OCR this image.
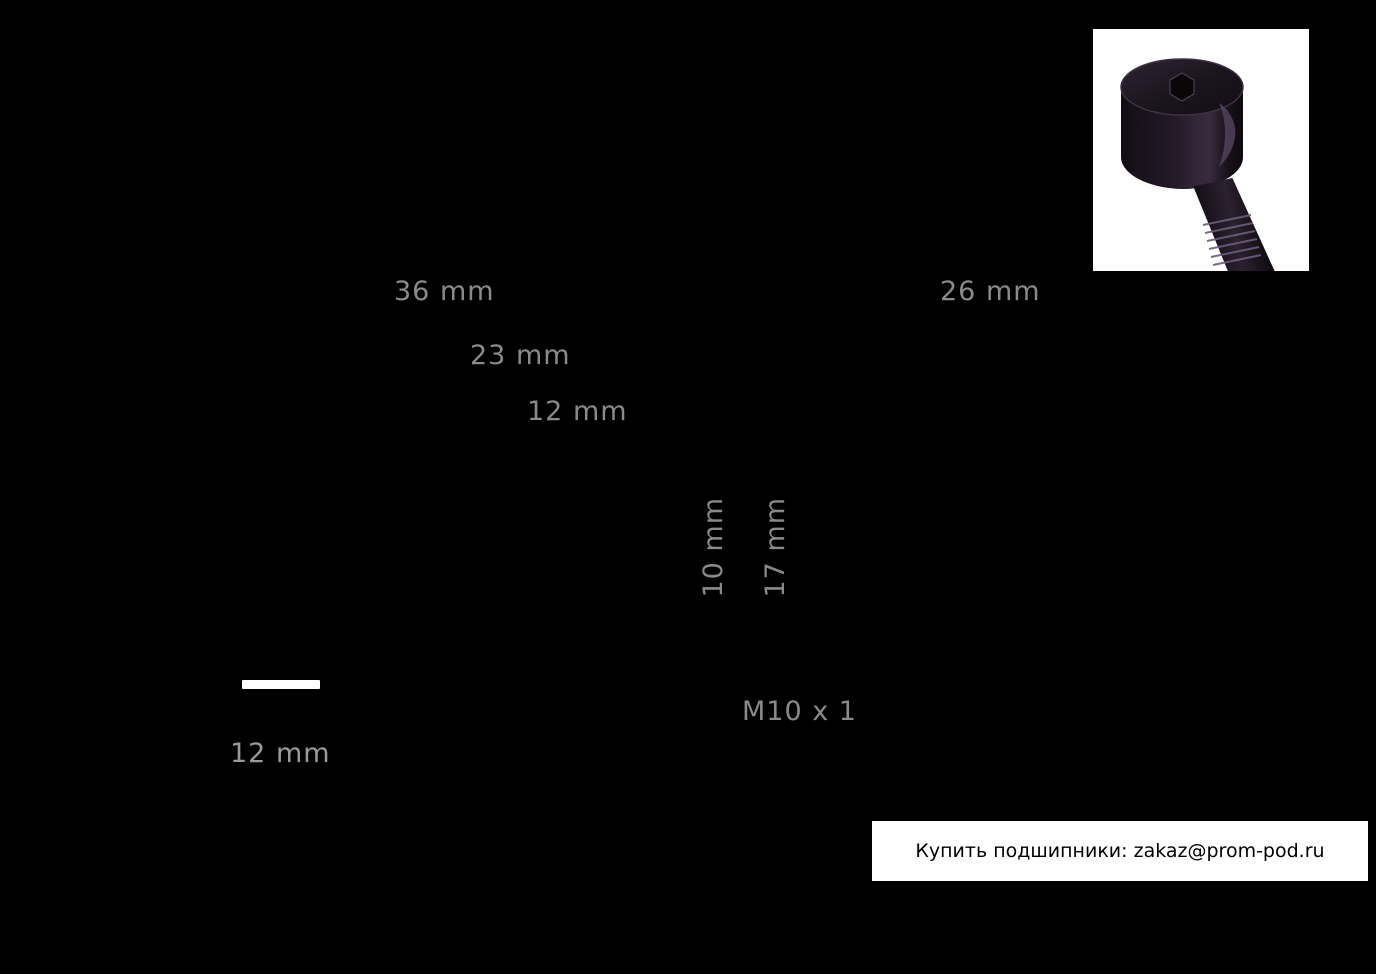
36 mm
23 mm
12 mm
26 mm
10 mm 17 mm
M10 x 1
12 mm
Купить подшипники: zakaz@prom-pod.ru
